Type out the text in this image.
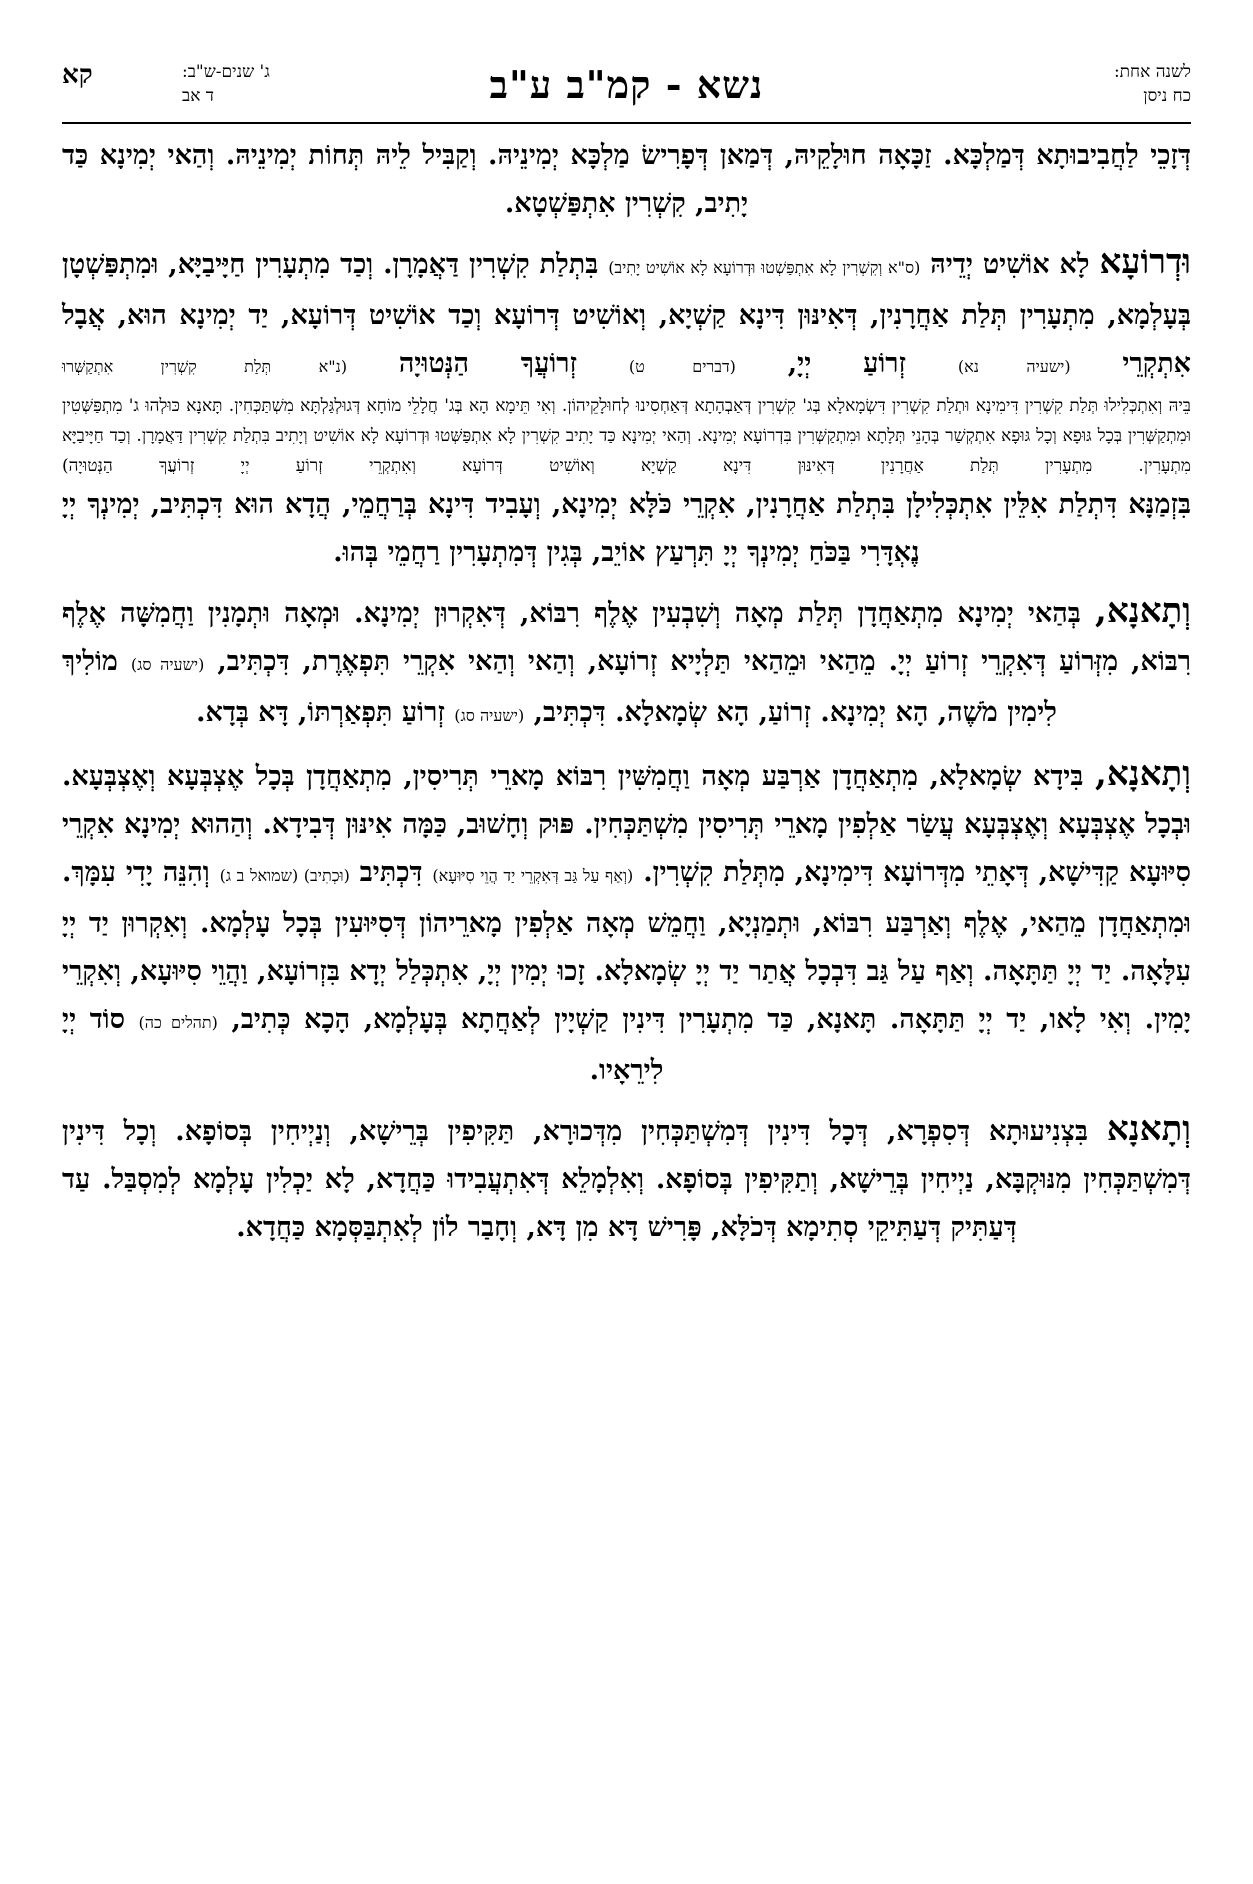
לשנה אחת:
כח ניסן
נשא - קמ"ב ע"ב
ג' שנים-ש"ב:
ד אב
קא

דְּזָכֵי לַחֲבִיבוּתָא דְּמַלְכָּא. זַכָּאָה חוּלָקֵיהּ, דְּמַאן דְּפָרִישׂ מַלְכָּא יְמִינֵיהּ. וְקַבִּיל לֵיהּ תְּחוֹת יְמִינֵיהּ. וְהַאי יְמִינָא כַּד יָתִיב, קִשְׁרִין אִתְפַּשְׁטָא.

וּדְרוֹעָא לָא אוֹשִׁיט יְדֵיהּ (ס"א וְקִשְׁרִין לָא אִתְפַּשְׁטוּ וּדְרוֹעָא לָא אוֹשִׁיט יָתִיב) בִּתְלַת קִשְׁרִין דַּאֲמָרָן. וְכַד מִתְעָרִין חַיָּיבַיָּא, וּמִתְפַּשְׁטָן בְּעָלְמָא, מִתְעָרִין תְּלַת אַחֲרָנִין, דְּאִינּוּן דִּינָא קַשְׁיָא, וְאוֹשִׁיט דְּרוֹעָא וְכַד אוֹשִׁיט דְּרוֹעָא, יַד יְמִינָא הוּא, אֲבָל אִתְקְרֵי (ישעיה נא) זְרוֹעַ יְיָ, (דברים ט) זְרוֹעֲךָ הַנְּטוּיָה (נ"א תְּלַת קִשְׁרִין אִתְקַשְּׁרוּ

בֵּיהּ וְאִתְכְּלִילוּ תְּלַת קִשְׁרִין דִּימִינָא וּתְלַת קִשְׁרִין דִּשְׂמָאלָא בְּג' קִשְׁרִין דְּאַבְהָתָא דְּאַחְסִינוּ לְחוּלָקֵיהוֹן. וְאִי תֵּימָא הָא בְּג' חֲלָלֵי מוֹחָא דְּגוּלְגַּלְתָּא מִשְׁתַּכְּחִין. תָּאנָא כּוּלְהוּ ג' מִתְפַּשְּׁטִין וּמִתְקַשְּׁרִין בְּכָל גּוּפָא וְכָל גּוּפָא אִתְקְשַׁר בְּהָנֵי תְּלָתָא וּמִתְקַשְּׁרִין בִּדְרוֹעָא יְמִינָא. וְהַאי יְמִינָא כַּד יָתִיב קִשְׁרִין לָא אִתְפַּשְּׁטוּ וּדְרוֹעָא לָא אוֹשִׁיט וְיָתִיב בִּתְלַת קִשְׁרִין דַּאֲמָרָן. וְכַד חַיָּיבַיָּא מִתְעָרִין. מִתְעָרִין תְּלַת אַחֲרָנִין דְּאִינּוּן דִּינָא קַשְׁיָא וְאוֹשִׁיט דְּרוֹעָא וְאִתְקְרֵי זְרוֹעַ יְיָ זְרוֹעֲךָ הַנְּטוּיָה)

בִּזְמַנָּא דִּתְלַת אִלֵּין אִתְכְּלִילָן בִּתְלַת אַחֲרָנִין, אִקְרֵי כֹּלָּא יְמִינָא, וְעָבִיד דִּינָא בְּרַחֲמֵי, הֲדָא הוּא דִּכְתִּיב, יְמִינְךָ יְיָ נֶאְדָּרִי בַּכֹּחַ יְמִינְךָ יְיָ תִּרְעַץ אוֹיֵב, בְּגִין דְּמִתְעָרִין רַחֲמֵי בְּהוּ.

וְתָאנָא, בְּהַאי יְמִינָא מִתְאַחֲדָן תְּלַת מְאָה וְשִׁבְעִין אֶלֶף רִבּוֹא, דְּאִקְרוּן יְמִינָא. וּמְאָה וּתְמָנִין וַחֲמִשָּׁה אֶלֶף רִבּוֹא, מִזְּרוֹעַ דְּאִקְרֵי זְרוֹעַ יְיָ. מֵהַאי וּמֵהַאי תַּלְיָיא זְרוֹעָא, וְהַאי וְהַאי אִקְרֵי תִּפְאֶרֶת, דִּכְתִּיב, (ישעיה סג) מוֹלִיךְ לִימִין מֹשֶׁה, הָא יְמִינָא. זְרוֹעַ, הָא שְׂמָאלָא. דִּכְתִּיב, (ישעיה סג) זְרוֹעַ תִּפְאַרְתּוֹ, דָּא בְּדָא.

וְתָאנָא, בִּידָא שְׂמָאלָא, מִתְאַחֲדָן אַרְבַּע מְאָה וַחֲמִשִּׁין רִבּוֹא מָארֵי תְּרִיסִין, מִתְאַחֲדָן בְּכָל אֶצְבְּעָא וְאֶצְבְּעָא. וּבְכָל אֶצְבְּעָא וְאֶצְבְּעָא עֲשַׂר אַלְפִין מָארֵי תְּרִיסִין מִשְׁתַּכְּחִין. פּוּק וְחָשׁוּב, כַּמָּה אִינּוּן דְּבִידָא. וְהַהוּא יְמִינָא אִקְרֵי סִיּוּעָא קַדִּישָׁא, דְּאָתֵי מִדְּרוֹעָא דִּימִינָא, מִתְּלַת קִשְׁרִין. (וְאַף עַל גַּב דְּאִקְרֵי יַד הֲוֵי סִיּוּעָא) דִּכְתִּיב (וּכְתִיב) (שמואל ב ג) וְהִנֵּה יָדִי עִמָּךְ. וּמִתְאַחֲדָן מֵהַאי, אֶלֶף וְאַרְבַּע רִבּוֹא, וּתְמַנְיָא, וַחֲמֵשׁ מְאָה אַלְפִין מָארֵיהוֹן דְּסִיּוּעִין בְּכָל עָלְמָא. וְאִקְרוּן יַד יְיָ עִלָּאָה. יַד יְיָ תַּתָּאָה. וְאַף עַל גַּב דִּבְכָל אֲתַר יַד יְיָ שְׂמָאלָא. זָכוּ יְמִין יְיָ, אִתְכְּלַל יְדָא בִּזְרוֹעָא, וַהֲוֵי סִיּוּעָא, וְאִקְרֵי יָמִין. וְאִי לָאו, יַד יְיָ תַּתָּאָה. תָּאנָא, כַּד מִתְעָרִין דִּינִין קַשְׁיָין לְאַחֲתָא בְּעָלְמָא, הָכָא כְּתִיב, (תהלים כה) סוֹד יְיָ לִירֵאָיו.

וְתָאנָא בִּצְנִיעוּתָא דְּסִפְרָא, דְּכָל דִּינִין דְּמִשְׁתַּכְּחִין מִדְּכוּרָא, תַּקִּיפִין בְּרֵישָׁא, וְנַיְיחִין בְּסוֹפָא. וְכָל דִּינִין דְּמִשְׁתַּכְּחִין מִנּוּקְבָּא, נַיְיחִין בְּרֵישָׁא, וְתַקִּיפִין בְּסוֹפָא. וְאִלְמָלֵא דְּאִתְעֲבִידוּ כַּחֲדָא, לָא יַכְלִין עָלְמָא לְמִסְבַּל. עַד דְּעַתִּיק דְּעַתִּיקֵי סְתִימָא דְּכֹלָּא, פָּרִישׁ דָּא מִן דָּא, וְחָבַר לוֹן לְאִתְבַּסְּמָא כַּחֲדָא.
